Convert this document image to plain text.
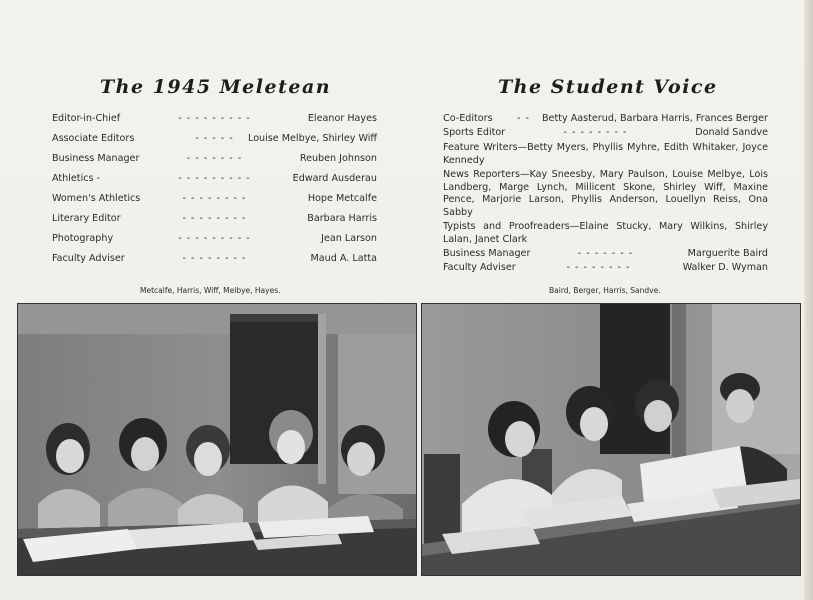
The 1945 Meletean	The Student Voice
Editor-in-Chief	- - - - - - - - -	Eleanor Hayes
Associate Editors	- - - - -	Louise Melbye, Shirley Wiff
Business Manager	- - - - - - -	Reuben Johnson
Athletics -	- - - - - - - - -	Edward Ausderau
Women's Athletics	- - - - - - - -	Hope Metcalfe
Literary Editor	- - - - - - - -	Barbara Harris
Photography	- - - - - - - - -	Jean Larson
Faculty Adviser	- - - - - - - -	Maud A. Latta
Co-Editors	- -	Betty Aasterud, Barbara Harris, Frances Berger
Sports Editor	- - - - - - - -	Donald Sandve
Feature Writers—Betty Myers, Phyllis Myhre, Edith Whitaker, Joyce Kennedy
News Reporters—Kay Sneesby, Mary Paulson, Louise Melbye, Lois Landberg, Marge Lynch, Millicent Skone, Shirley Wiff, Maxine Pence, Marjorie Larson, Phyllis Anderson, Louellyn Reiss, Ona Sabby
Typists and Proofreaders—Elaine Stucky, Mary Wilkins, Shirley Lalan, Janet Clark
Business Manager	- - - - - - -	Marguerite Baird
Faculty Adviser	- - - - - - - -	Walker D. Wyman
Metcalfe, Harris, Wiff, Melbye, Hayes.	Baird, Berger, Harris, Sandve.
